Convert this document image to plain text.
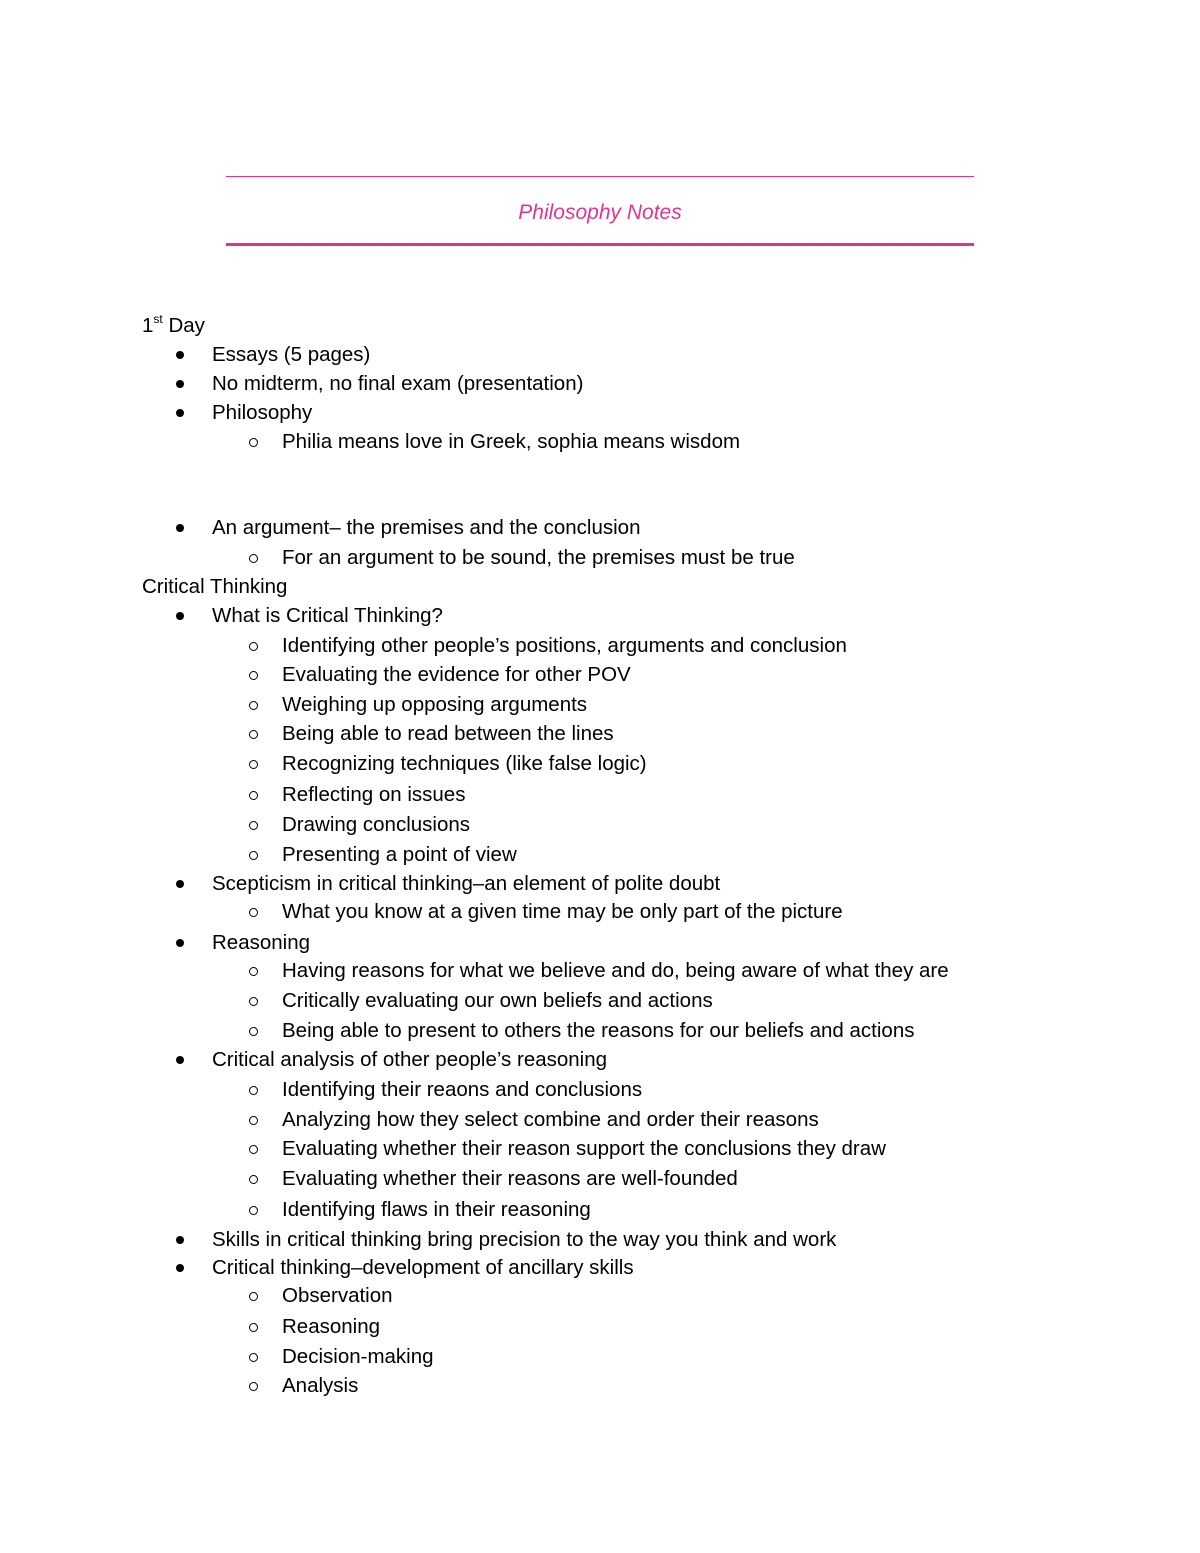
Philosophy Notes
1st Day
Essays (5 pages)
No midterm, no final exam (presentation)
Philosophy
Philia means love in Greek, sophia means wisdom
An argument– the premises and the conclusion
For an argument to be sound, the premises must be true
Critical Thinking
What is Critical Thinking?
Identifying other people’s positions, arguments and conclusion
Evaluating the evidence for other POV
Weighing up opposing arguments
Being able to read between the lines
Recognizing techniques (like false logic)
Reflecting on issues
Drawing conclusions
Presenting a point of view
Scepticism in critical thinking–an element of polite doubt
What you know at a given time may be only part of the picture
Reasoning
Having reasons for what we believe and do, being aware of what they are
Critically evaluating our own beliefs and actions
Being able to present to others the reasons for our beliefs and actions
Critical analysis of other people’s reasoning
Identifying their reaons and conclusions
Analyzing how they select combine and order their reasons
Evaluating whether their reason support the conclusions they draw
Evaluating whether their reasons are well-founded
Identifying flaws in their reasoning
Skills in critical thinking bring precision to the way you think and work
Critical thinking–development of ancillary skills
Observation
Reasoning
Decision-making
Analysis
